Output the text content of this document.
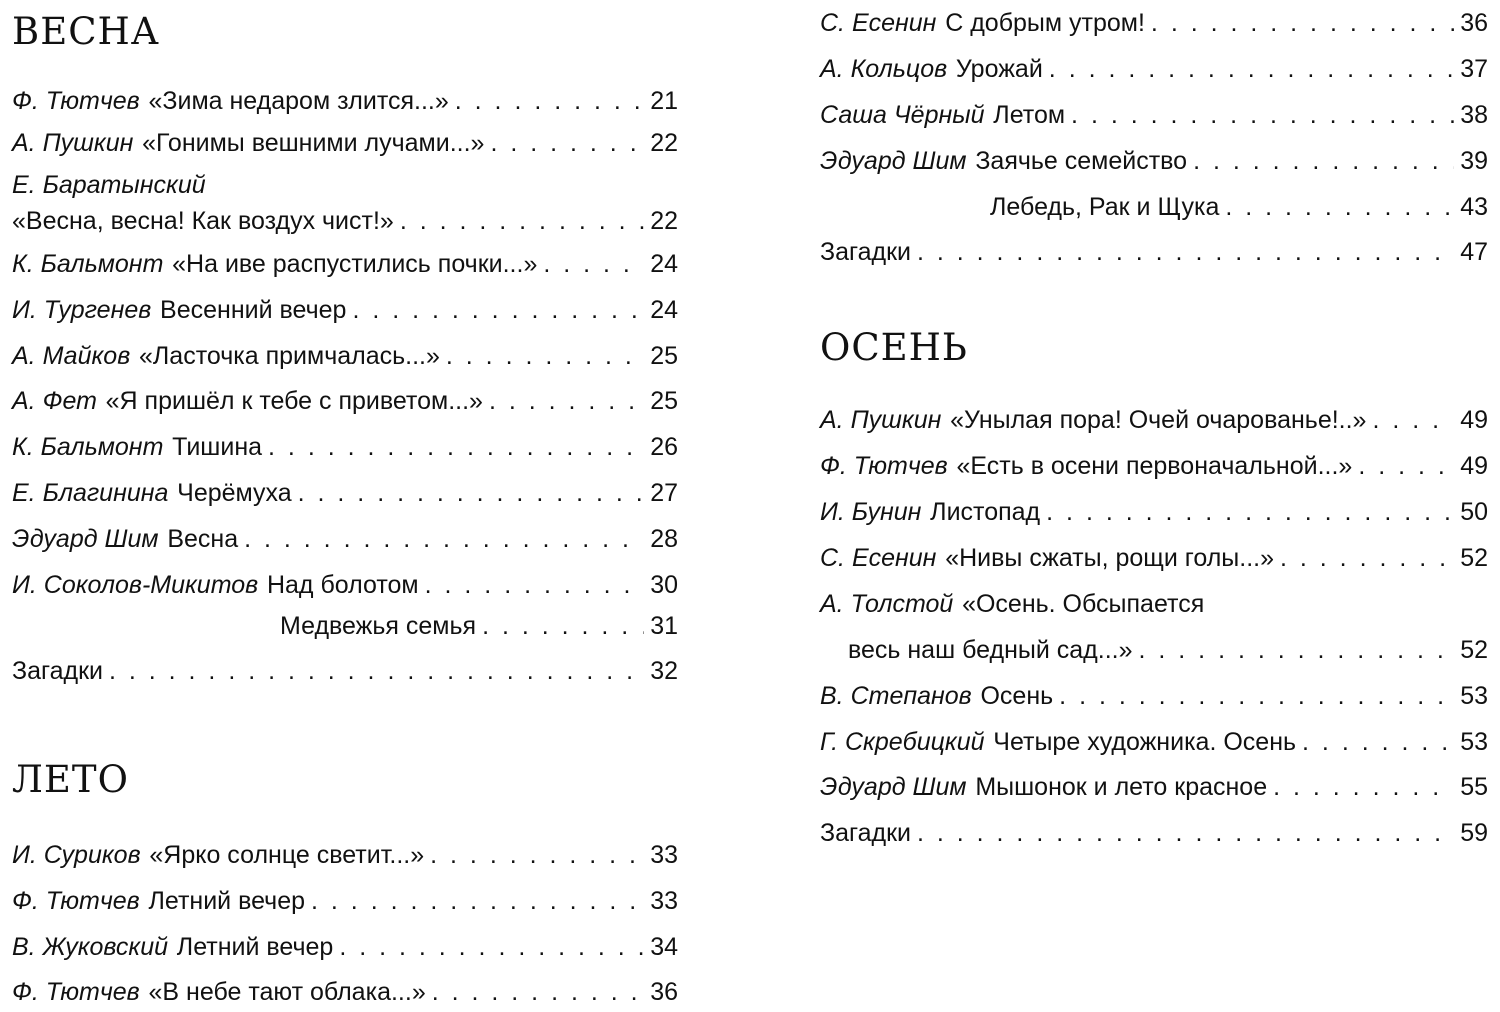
ВЕСНА
Ф. Тютчев «Зима недаром злится...» . . .	21
А. Пушкин «Гонимы вешними лучами...» . . .	22
Е. Баратынский
«Весна, весна! Как воздух чист!» . . .	22
К. Бальмонт «На иве распустились почки...» . . .	24
И. Тургенев Весенний вечер . . .	24
А. Майков «Ласточка примчалась...» . . .	25
А. Фет «Я пришёл к тебе с приветом...» . . .	25
К. Бальмонт Тишина . . .	26
Е. Благинина Черёмуха . . .	27
Эдуард Шим Весна . . .	28
И. Соколов-Микитов Над болотом . . .	30
Медвежья семья . . .	31
Загадки . . .	32
ЛЕТО
И. Суриков «Ярко солнце светит...» . . .	33
Ф. Тютчев Летний вечер . . .	33
В. Жуковский Летний вечер . . .	34
Ф. Тютчев «В небе тают облака...» . . .	36
С. Есенин С добрым утром! . . .	36
А. Кольцов Урожай . . .	37
Саша Чёрный Летом . . .	38
Эдуард Шим Заячье семейство . . .	39
Лебедь, Рак и Щука . . .	43
Загадки . . .	47
ОСЕНЬ
А. Пушкин «Унылая пора! Очей очарованье!..» . . .	49
Ф. Тютчев «Есть в осени первоначальной...» . . .	49
И. Бунин Листопад . . .	50
С. Есенин «Нивы сжаты, рощи голы...» . . .	52
А. Толстой «Осень. Обсыпается
весь наш бедный сад...» . . .	52
В. Степанов Осень . . .	53
Г. Скребицкий Четыре художника. Осень . . .	53
Эдуард Шим Мышонок и лето красное . . .	55
Загадки . . .	59
